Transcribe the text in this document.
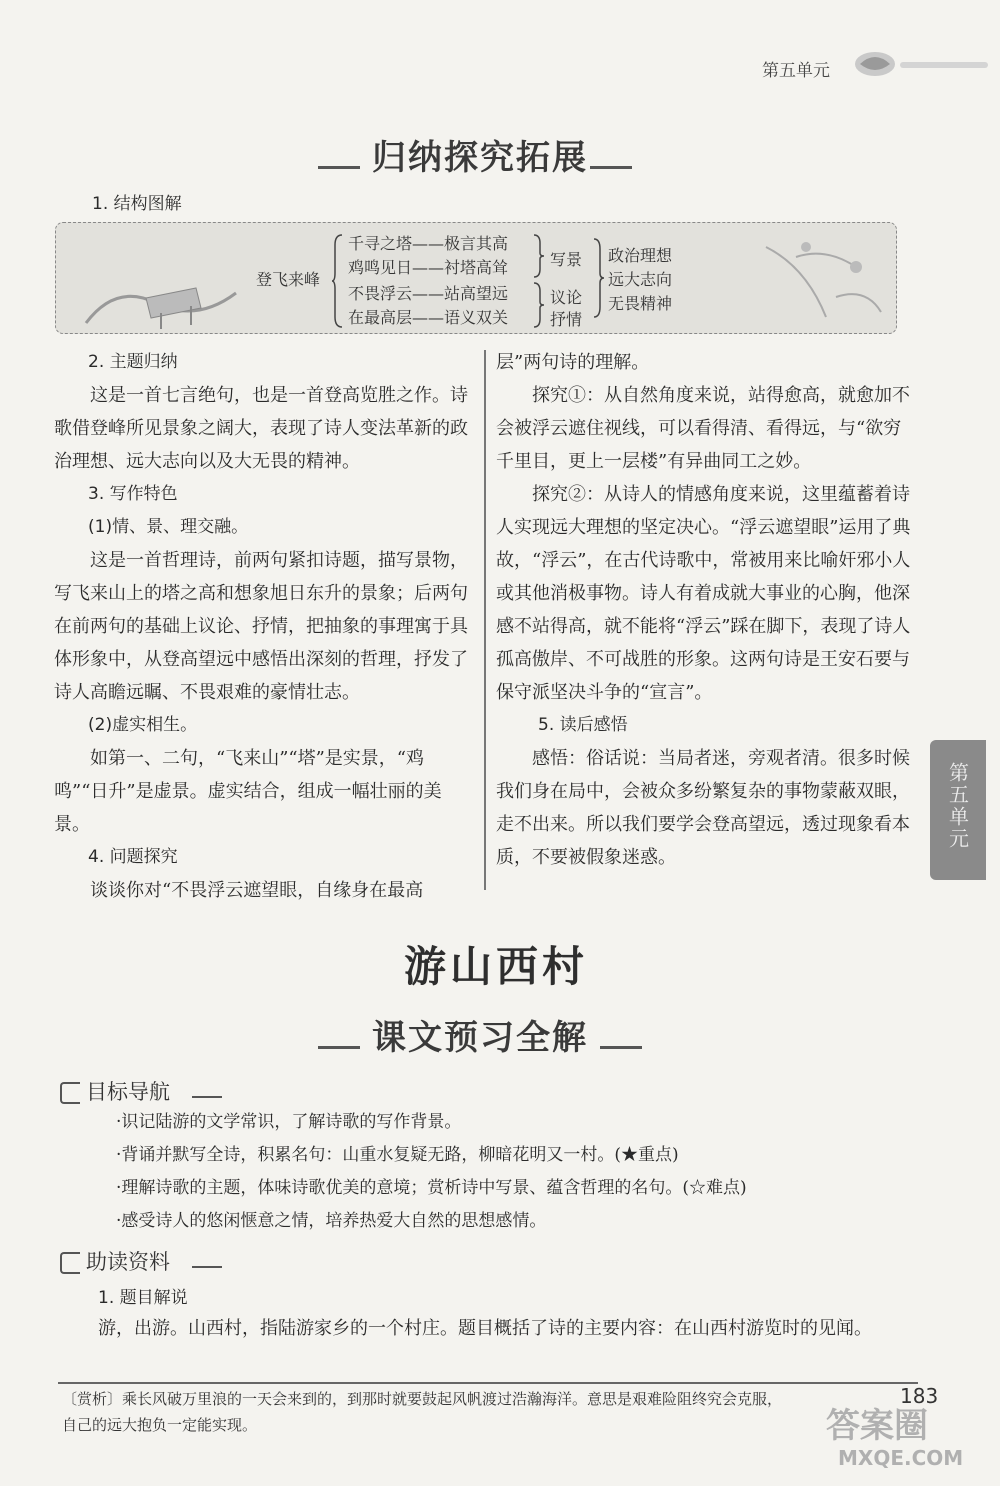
第五单元
归纳探究拓展
1. 结构图解
登飞来峰
千寻之塔——极言其高
鸡鸣见日——衬塔高耸
不畏浮云——站高望远
在最高层——语义双关
写景
议论
抒情
政治理想
远大志向
无畏精神
2. 主题归纳
这是一首七言绝句，也是一首登高览胜之作。诗歌借登峰所见景象之阔大，表现了诗人变法革新的政治理想、远大志向以及大无畏的精神。
3. 写作特色
(1)情、景、理交融。
这是一首哲理诗，前两句紧扣诗题，描写景物，写飞来山上的塔之高和想象旭日东升的景象；后两句在前两句的基础上议论、抒情，把抽象的事理寓于具体形象中，从登高望远中感悟出深刻的哲理，抒发了诗人高瞻远瞩、不畏艰难的豪情壮志。
(2)虚实相生。
如第一、二句，“飞来山”“塔”是实景，“鸡鸣”“日升”是虚景。虚实结合，组成一幅壮丽的美景。
4. 问题探究
谈谈你对“不畏浮云遮望眼，自缘身在最高
层”两句诗的理解。
探究①：从自然角度来说，站得愈高，就愈加不会被浮云遮住视线，可以看得清、看得远，与“欲穷千里目，更上一层楼”有异曲同工之妙。
探究②：从诗人的情感角度来说，这里蕴蓄着诗人实现远大理想的坚定决心。“浮云遮望眼”运用了典故，“浮云”，在古代诗歌中，常被用来比喻奸邪小人或其他消极事物。诗人有着成就大事业的心胸，他深感不站得高，就不能将“浮云”踩在脚下，表现了诗人孤高傲岸、不可战胜的形象。这两句诗是王安石要与保守派坚决斗争的“宣言”。
5. 读后感悟
感悟：俗话说：当局者迷，旁观者清。很多时候我们身在局中，会被众多纷繁复杂的事物蒙蔽双眼，走不出来。所以我们要学会登高望远，透过现象看本质，不要被假象迷惑。
第五单元
游山西村
课文预习全解
目标导航
·识记陆游的文学常识，了解诗歌的写作背景。
·背诵并默写全诗，积累名句：山重水复疑无路，柳暗花明又一村。(★重点)
·理解诗歌的主题，体味诗歌优美的意境；赏析诗中写景、蕴含哲理的名句。(☆难点)
·感受诗人的悠闲惬意之情，培养热爱大自然的思想感情。
助读资料
1. 题目解说
游，出游。山西村，指陆游家乡的一个村庄。题目概括了诗的主要内容：在山西村游览时的见闻。
〔赏析〕乘长风破万里浪的一天会来到的，到那时就要鼓起风帆渡过浩瀚海洋。意思是艰难险阻终究会克服，
自己的远大抱负一定能实现。
183
答案圈
MXQE.COM
